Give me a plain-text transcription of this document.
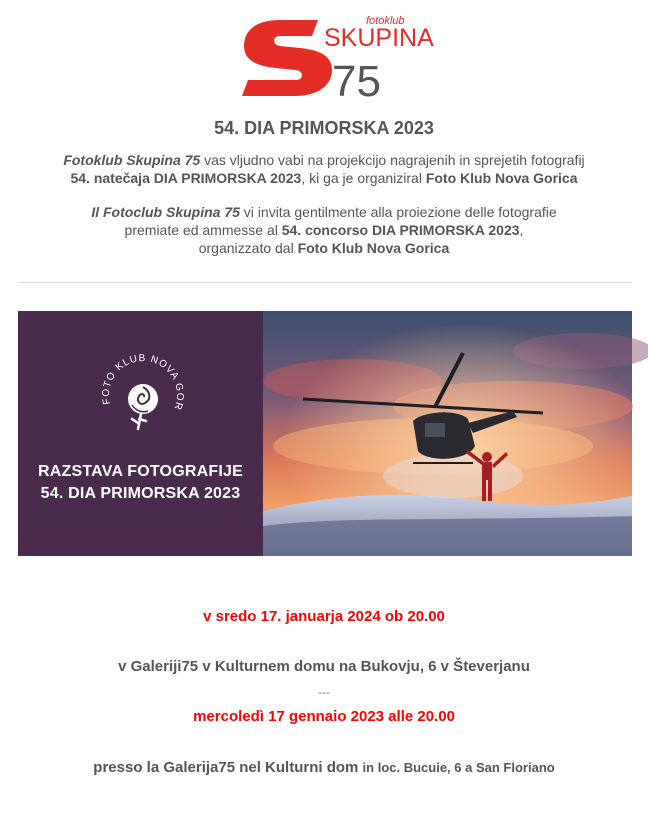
75
SKUPINA
fotoklub
54. DIA PRIMORSKA 2023
Fotoklub Skupina 75 vas vljudno vabi na projekcijo nagrajenih in sprejetih fotografij
54. natečaja DIA PRIMORSKA 2023, ki ga je organiziral Foto Klub Nova Gorica
Il Fotoclub Skupina 75 vi invita gentilmente alla proiezione delle fotografie
premiate ed ammesse al 54. concorso DIA PRIMORSKA 2023,
organizzato dal Foto Klub Nova Gorica
FOTO KLUB NOVA GOR
RAZSTAVA FOTOGRAFIJE
54. DIA PRIMORSKA 2023
v sredo 17. januarja 2024 ob 20.00
v Galeriji75 v Kulturnem domu na Bukovju, 6 v Števerjanu
---
mercoledì 17 gennaio 2023 alle 20.00
presso la Galerija75 nel Kulturni dom in loc. Bucuie, 6 a San Floriano
